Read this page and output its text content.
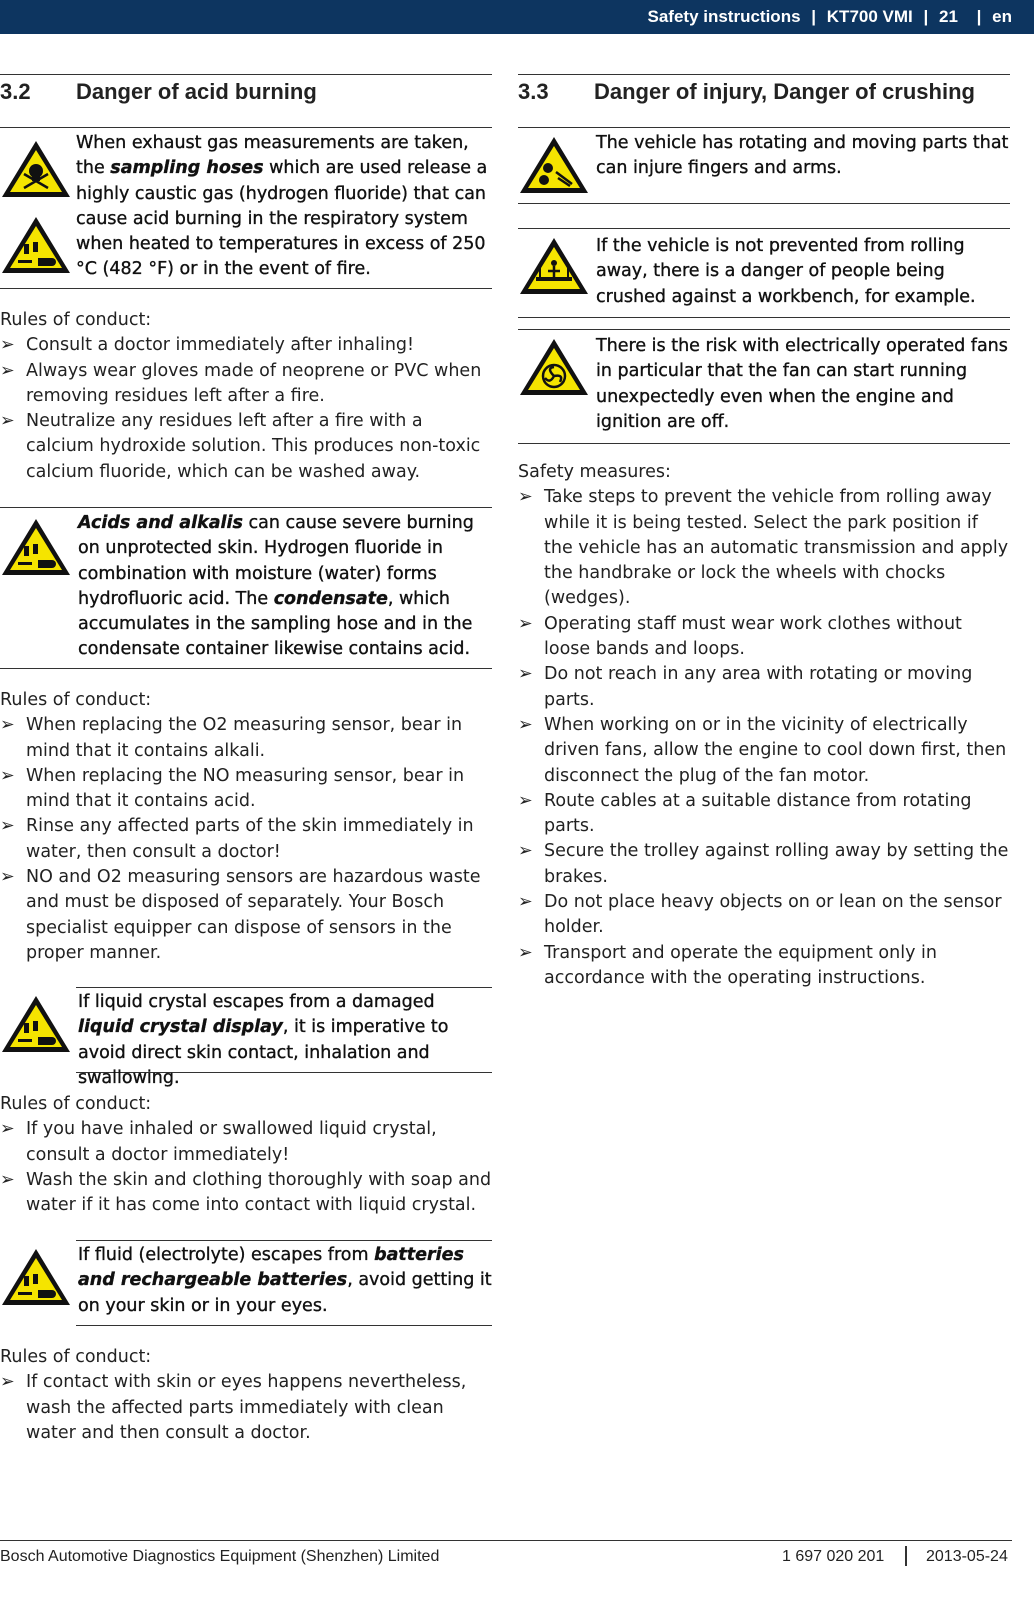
Safety instructions | KT700 VMI | 21 | en
3.2 Danger of acid burning
When exhaust gas measurements are taken, the sampling hoses which are used release a highly caustic gas (hydrogen fluoride) that can cause acid burning in the respiratory system when heated to temperatures in excess of 250 °C (482 °F) or in the event of fire.
Rules of conduct:
➢ Consult a doctor immediately after inhaling!
➢ Always wear gloves made of neoprene or PVC when removing residues left after a fire.
➢ Neutralize any residues left after a fire with a calcium hydroxide solution. This produces non-toxic calcium fluoride, which can be washed away.
Acids and alkalis can cause severe burning on unprotected skin. Hydrogen fluoride in combination with moisture (water) forms hydrofluoric acid. The condensate, which accumulates in the sampling hose and in the condensate container likewise contains acid.
Rules of conduct:
➢ When replacing the O2 measuring sensor, bear in mind that it contains alkali.
➢ When replacing the NO measuring sensor, bear in mind that it contains acid.
➢ Rinse any affected parts of the skin immediately in water, then consult a doctor!
➢ NO and O2 measuring sensors are hazardous waste and must be disposed of separately. Your Bosch specialist equipper can dispose of sensors in the proper manner.
If liquid crystal escapes from a damaged liquid crystal display, it is imperative to avoid direct skin contact, inhalation and swallowing.
Rules of conduct:
➢ If you have inhaled or swallowed liquid crystal, consult a doctor immediately!
➢ Wash the skin and clothing thoroughly with soap and water if it has come into contact with liquid crystal.
If fluid (electrolyte) escapes from batteries and rechargeable batteries, avoid getting it on your skin or in your eyes.
Rules of conduct:
➢ If contact with skin or eyes happens nevertheless, wash the affected parts immediately with clean water and then consult a doctor.
3.3 Danger of injury, Danger of crushing
The vehicle has rotating and moving parts that can injure fingers and arms.
If the vehicle is not prevented from rolling away, there is a danger of people being crushed against a workbench, for example.
There is the risk with electrically operated fans in particular that the fan can start running unexpectedly even when the engine and ignition are off.
Safety measures:
➢ Take steps to prevent the vehicle from rolling away while it is being tested. Select the park position if the vehicle has an automatic transmission and apply the handbrake or lock the wheels with chocks (wedges).
➢ Operating staff must wear work clothes without loose bands and loops.
➢ Do not reach in any area with rotating or moving parts.
➢ When working on or in the vicinity of electrically driven fans, allow the engine to cool down first, then disconnect the plug of the fan motor.
➢ Route cables at a suitable distance from rotating parts.
➢ Secure the trolley against rolling away by setting the brakes.
➢ Do not place heavy objects on or lean on the sensor holder.
➢ Transport and operate the equipment only in accordance with the operating instructions.
Bosch Automotive Diagnostics Equipment (Shenzhen) Limited	1 697 020 201	2013-05-24
